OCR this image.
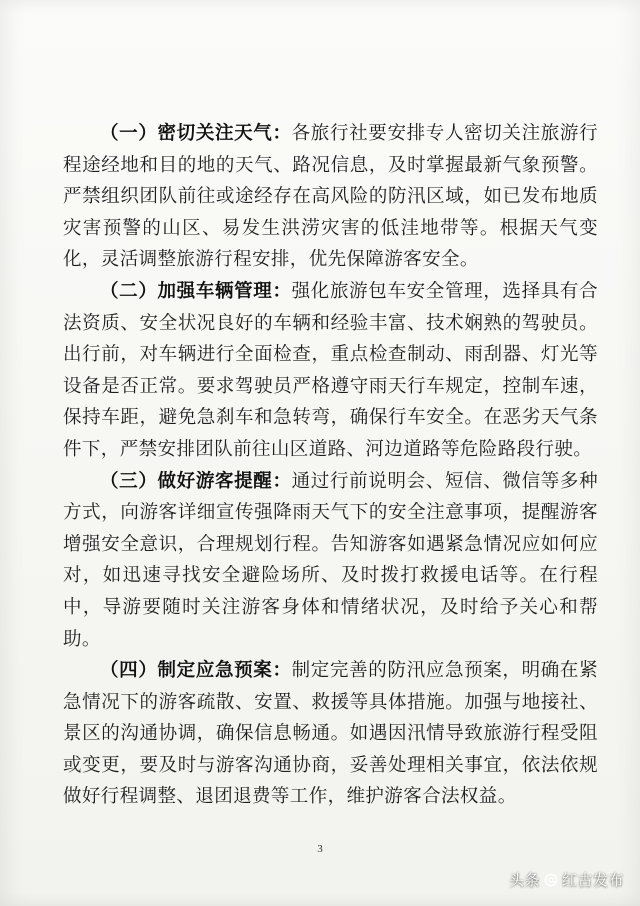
（一）密切关注天气：各旅行社要安排专人密切关注旅游行程途经地和目的地的天气、路况信息，及时掌握最新气象预警。严禁组织团队前往或途经存在高风险的防汛区域，如已发布地质灾害预警的山区、易发生洪涝灾害的低洼地带等。根据天气变化，灵活调整旅游行程安排，优先保障游客安全。

（二）加强车辆管理：强化旅游包车安全管理，选择具有合法资质、安全状况良好的车辆和经验丰富、技术娴熟的驾驶员。出行前，对车辆进行全面检查，重点检查制动、雨刮器、灯光等设备是否正常。要求驾驶员严格遵守雨天行车规定，控制车速，保持车距，避免急刹车和急转弯，确保行车安全。在恶劣天气条件下，严禁安排团队前往山区道路、河边道路等危险路段行驶。

（三）做好游客提醒：通过行前说明会、短信、微信等多种方式，向游客详细宣传强降雨天气下的安全注意事项，提醒游客增强安全意识，合理规划行程。告知游客如遇紧急情况应如何应对，如迅速寻找安全避险场所、及时拨打救援电话等。在行程中，导游要随时关注游客身体和情绪状况，及时给予关心和帮助。

（四）制定应急预案：制定完善的防汛应急预案，明确在紧急情况下的游客疏散、安置、救援等具体措施。加强与地接社、景区的沟通协调，确保信息畅通。如遇因汛情导致旅游行程受阻或变更，要及时与游客沟通协商，妥善处理相关事宜，依法依规做好行程调整、退团退费等工作，维护游客合法权益。

3
头条 红古发布
